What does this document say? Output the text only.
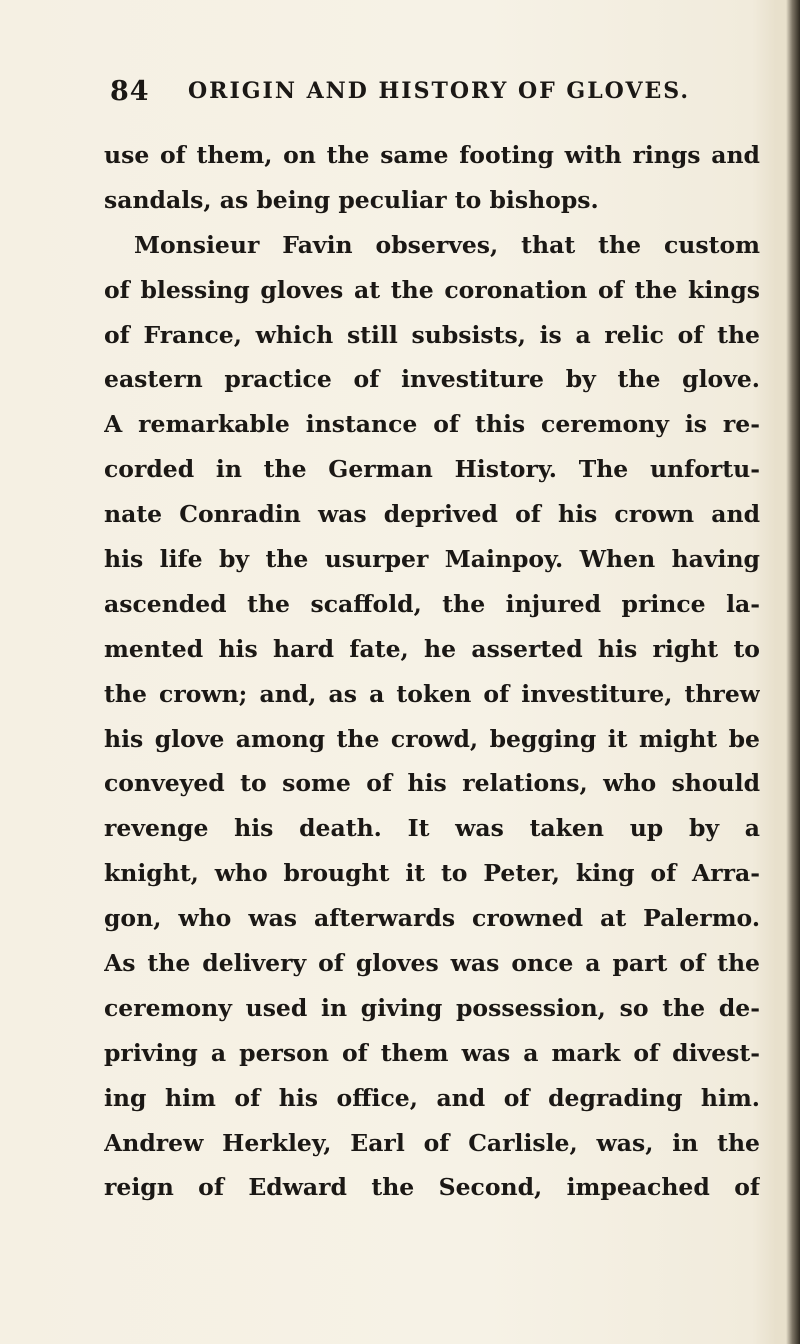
84 ORIGIN AND HISTORY OF GLOVES.
use of them, on the same footing with rings and
sandals, as being peculiar to bishops.
Monsieur Favin observes, that the custom
of blessing gloves at the coronation of the kings
of France, which still subsists, is a relic of the
eastern practice of investiture by the glove.
A remarkable instance of this ceremony is re-
corded in the German History. The unfortu-
nate Conradin was deprived of his crown and
his life by the usurper Mainpoy. When having
ascended the scaffold, the injured prince la-
mented his hard fate, he asserted his right to
the crown; and, as a token of investiture, threw
his glove among the crowd, begging it might be
conveyed to some of his relations, who should
revenge his death. It was taken up by a
knight, who brought it to Peter, king of Arra-
gon, who was afterwards crowned at Palermo.
As the delivery of gloves was once a part of the
ceremony used in giving possession, so the de-
priving a person of them was a mark of divest-
ing him of his office, and of degrading him.
Andrew Herkley, Earl of Carlisle, was, in the
reign of Edward the Second, impeached of
